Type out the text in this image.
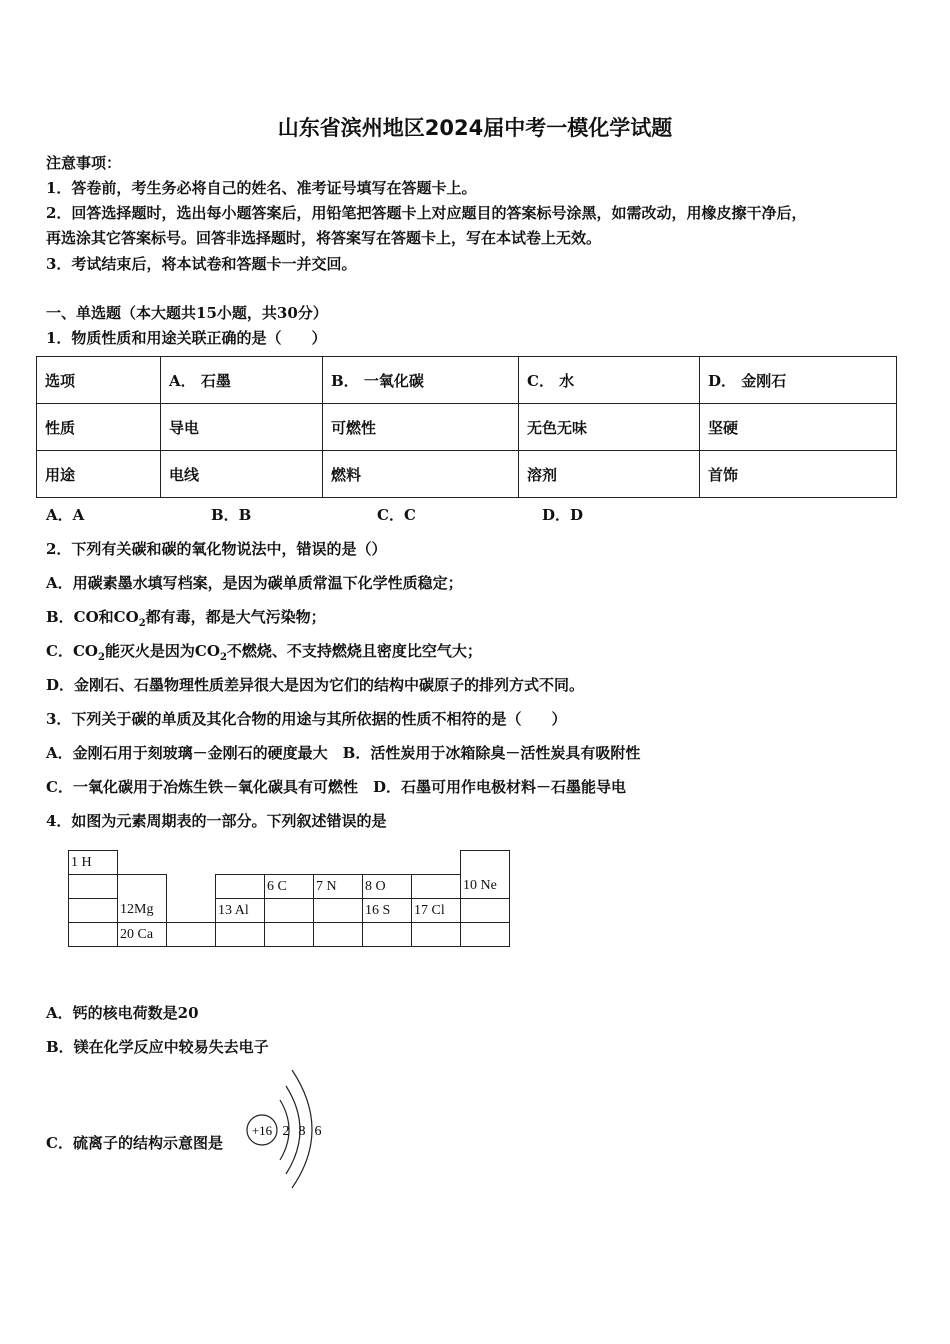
山东省滨州地区2024届中考一模化学试题
注意事项：
1．答卷前，考生务必将自己的姓名、准考证号填写在答题卡上。
2．回答选择题时，选出每小题答案后，用铅笔把答题卡上对应题目的答案标号涂黑，如需改动，用橡皮擦干净后，
再选涂其它答案标号。回答非选择题时，将答案写在答题卡上，写在本试卷上无效。
3．考试结束后，将本试卷和答题卡一并交回。
一、单选题（本大题共15小题，共30分）
1．物质性质和用途关联正确的是（　　）
选项	A． 石墨	B． 一氧化碳	C． 水	D． 金刚石
性质	导电	可燃性	无色无味	坚硬
用途	电线	燃料	溶剂	首饰
A．A	B．B	C．C	D．D
2．下列有关碳和碳的氧化物说法中，错误的是（）
A．用碳素墨水填写档案，是因为碳单质常温下化学性质稳定；
B．CO和$CO_2$都有毒，都是大气污染物；
C．$CO_2$能灭火是因为$CO_2$不燃烧、不支持燃烧且密度比空气大；
D．金刚石、石墨物理性质差异很大是因为它们的结构中碳原子的排列方式不同。
3．下列关于碳的单质及其化合物的用途与其所依据的性质不相符的是（　　）
A．金刚石用于刻玻璃－金刚石的硬度最大　B．活性炭用于冰箱除臭－活性炭具有吸附性
C．一氧化碳用于冶炼生铁－氧化碳具有可燃性　D．石墨可用作电极材料－石墨能导电
4．如图为元素周期表的一部分。下列叙述错误的是
1 H								
				6 C	7 N	8 O		10 Ne
	12Mg		13 Al			16 S	17 Cl	
	20 Ca							
A．钙的核电荷数是20
B．镁在化学反应中较易失去电子
C．硫离子的结构示意图是
+16 2 8 6
